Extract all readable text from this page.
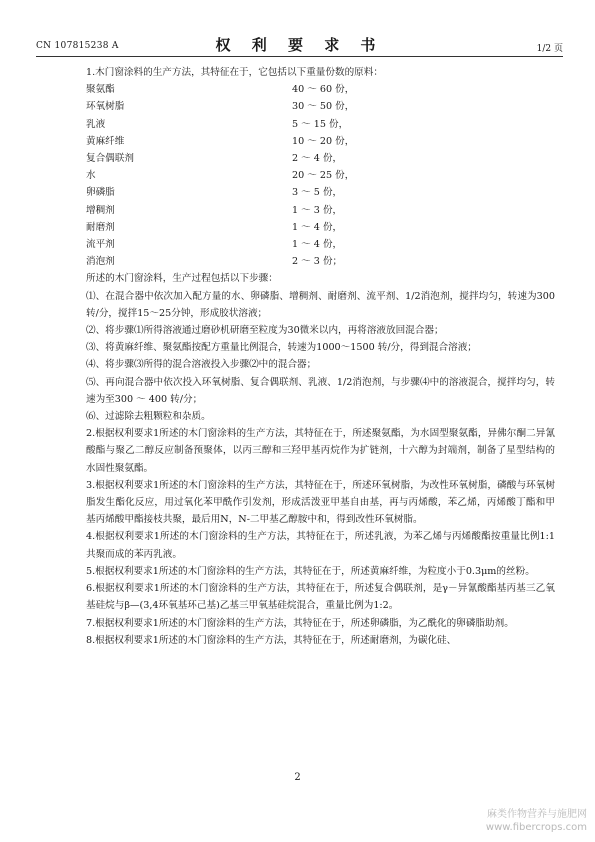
CN 107815238 A	权 利 要 求 书	1/2 页
1.木门窗涂料的生产方法，其特征在于，它包括以下重量份数的原料：
聚氨酯	40 ～ 60 份，
环氧树脂	30 ～ 50 份，
乳液	5 ～ 15 份，
黄麻纤维	10 ～ 20 份，
复合偶联剂	2 ～ 4 份，
水	20 ～ 25 份，
卵磷脂	3 ～ 5 份，
增稠剂	1 ～ 3 份，
耐磨剂	1 ～ 4 份，
流平剂	1 ～ 4 份，
消泡剂	2 ～ 3 份；
所述的木门窗涂料，生产过程包括以下步骤：
⑴、在混合器中依次加入配方量的水、卵磷脂、增稠剂、耐磨剂、流平剂、1/2消泡剂，搅拌均匀，转速为300 转/分，搅拌15～25分钟，形成胶状溶液；
⑵、将步骤⑴所得溶液通过磨砂机研磨至粒度为30微米以内，再将溶液放回混合器；
⑶、将黄麻纤维、聚氨酯按配方重量比例混合，转速为1000～1500 转/分，得到混合溶液；
⑷、将步骤⑶所得的混合溶液投入步骤⑵中的混合器；
⑸、再向混合器中依次投入环氧树脂、复合偶联剂、乳液、1/2消泡剂，与步骤⑷中的溶液混合，搅拌均匀，转速为至300 ～ 400 转/分；
⑹、过滤除去粗颗粒和杂质。
2.根据权利要求1所述的木门窗涂料的生产方法，其特征在于，所述聚氨酯，为水固型聚氨酯，异佛尔酮二异氰酸酯与聚乙二醇反应制备预聚体，以丙三醇和三羟甲基丙烷作为扩链剂，十六醇为封端剂，制备了星型结构的水固性聚氨酯。
3.根据权利要求1所述的木门窗涂料的生产方法，其特征在于，所述环氧树脂，为改性环氧树脂，磷酸与环氧树脂发生酯化反应，用过氧化苯甲酰作引发剂，形成活泼亚甲基自由基，再与丙烯酸，苯乙烯，丙烯酸丁酯和甲基丙烯酸甲酯接枝共聚，最后用N，N-二甲基乙醇胺中和，得到改性环氧树脂。
4.根据权利要求1所述的木门窗涂料的生产方法，其特征在于，所述乳液，为苯乙烯与丙烯酸酯按重量比例1:1共聚而成的苯丙乳液。
5.根据权利要求1所述的木门窗涂料的生产方法，其特征在于，所述黄麻纤维，为粒度小于0.3μm的丝粉。
6.根据权利要求1所述的木门窗涂料的生产方法，其特征在于，所述复合偶联剂，是γ－异氰酸酯基丙基三乙氧基硅烷与β—(3,4环氧基环己基)乙基三甲氧基硅烷混合，重量比例为1:2。
7.根据权利要求1所述的木门窗涂料的生产方法，其特征在于，所述卵磷脂，为乙酰化的卵磷脂助剂。
8.根据权利要求1所述的木门窗涂料的生产方法，其特征在于，所述耐磨剂，为碳化硅、
2
麻类作物营养与施肥网
www.fibercrops.com
